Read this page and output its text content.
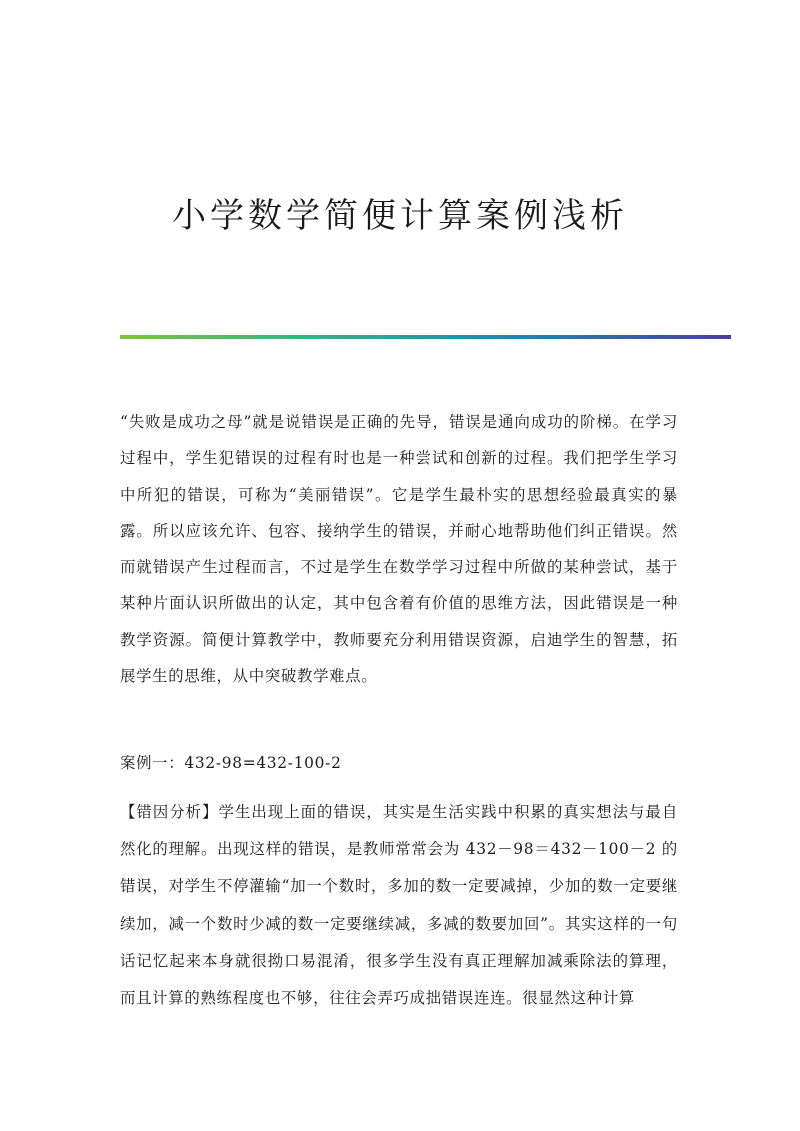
小学数学简便计算案例浅析

“失败是成功之母”就是说错误是正确的先导，错误是通向成功的阶梯。在学习过程中，学生犯错误的过程有时也是一种尝试和创新的过程。我们把学生学习中所犯的错误，可称为“美丽错误”。它是学生最朴实的思想经验最真实的暴露。所以应该允许、包容、接纳学生的错误，并耐心地帮助他们纠正错误。然而就错误产生过程而言，不过是学生在数学学习过程中所做的某种尝试，基于某种片面认识所做出的认定，其中包含着有价值的思维方法，因此错误是一种教学资源。简便计算教学中，教师要充分利用错误资源，启迪学生的智慧，拓展学生的思维，从中突破教学难点。

案例一：432-98=432-100-2

【错因分析】学生出现上面的错误，其实是生活实践中积累的真实想法与最自然化的理解。出现这样的错误，是教师常常会为 432－98＝432－100－2 的错误，对学生不停灌输“加一个数时，多加的数一定要减掉，少加的数一定要继续加，减一个数时少减的数一定要继续减，多减的数要加回”。其实这样的一句话记忆起来本身就很拗口易混淆，很多学生没有真正理解加减乘除法的算理，而且计算的熟练程度也不够，往往会弄巧成拙错误连连。很显然这种计算
